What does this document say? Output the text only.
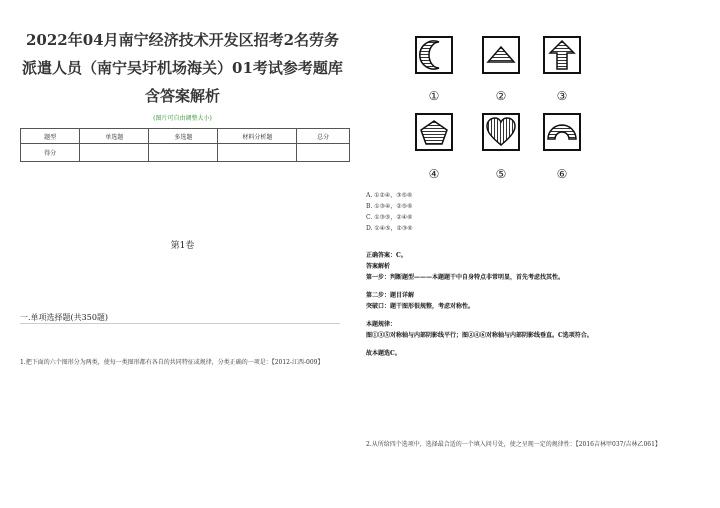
2022年04月南宁经济技术开发区招考2名劳务
派遣人员（南宁吴圩机场海关）01考试参考题库
含答案解析
(图片可自由调整大小)
题型	单选题	多选题	材料分析题	总分
得分				
第1卷
一.单项选择题(共350题)
1.把下面的六个图形分为两类，使每一类图形都有各自的共同特征或规律，分类正确的一项是：【2012-江西-009】
①	②	③
④	⑤	⑥
A. ①②④，③⑤⑥
B. ①③④，②⑤⑥
C. ①③⑤，②④⑥
D. ①④⑤，②③⑥
正确答案：C。
答案解析
第一步：判断题型———本题题干中自身特点非常明显，首先考虑找其性。
第二步：题目详解
突破口：题干图形很规整，考虑对称性。
本题规律：
图①③⑤对称轴与内部阴影线平行；图②④⑥对称轴与内部阴影线垂直。C选项符合。
故本题选C。
2.从所给四个选项中，选择最合适的一个填入问号处，使之呈现一定的规律性：【2016吉林甲037/吉林乙061】
